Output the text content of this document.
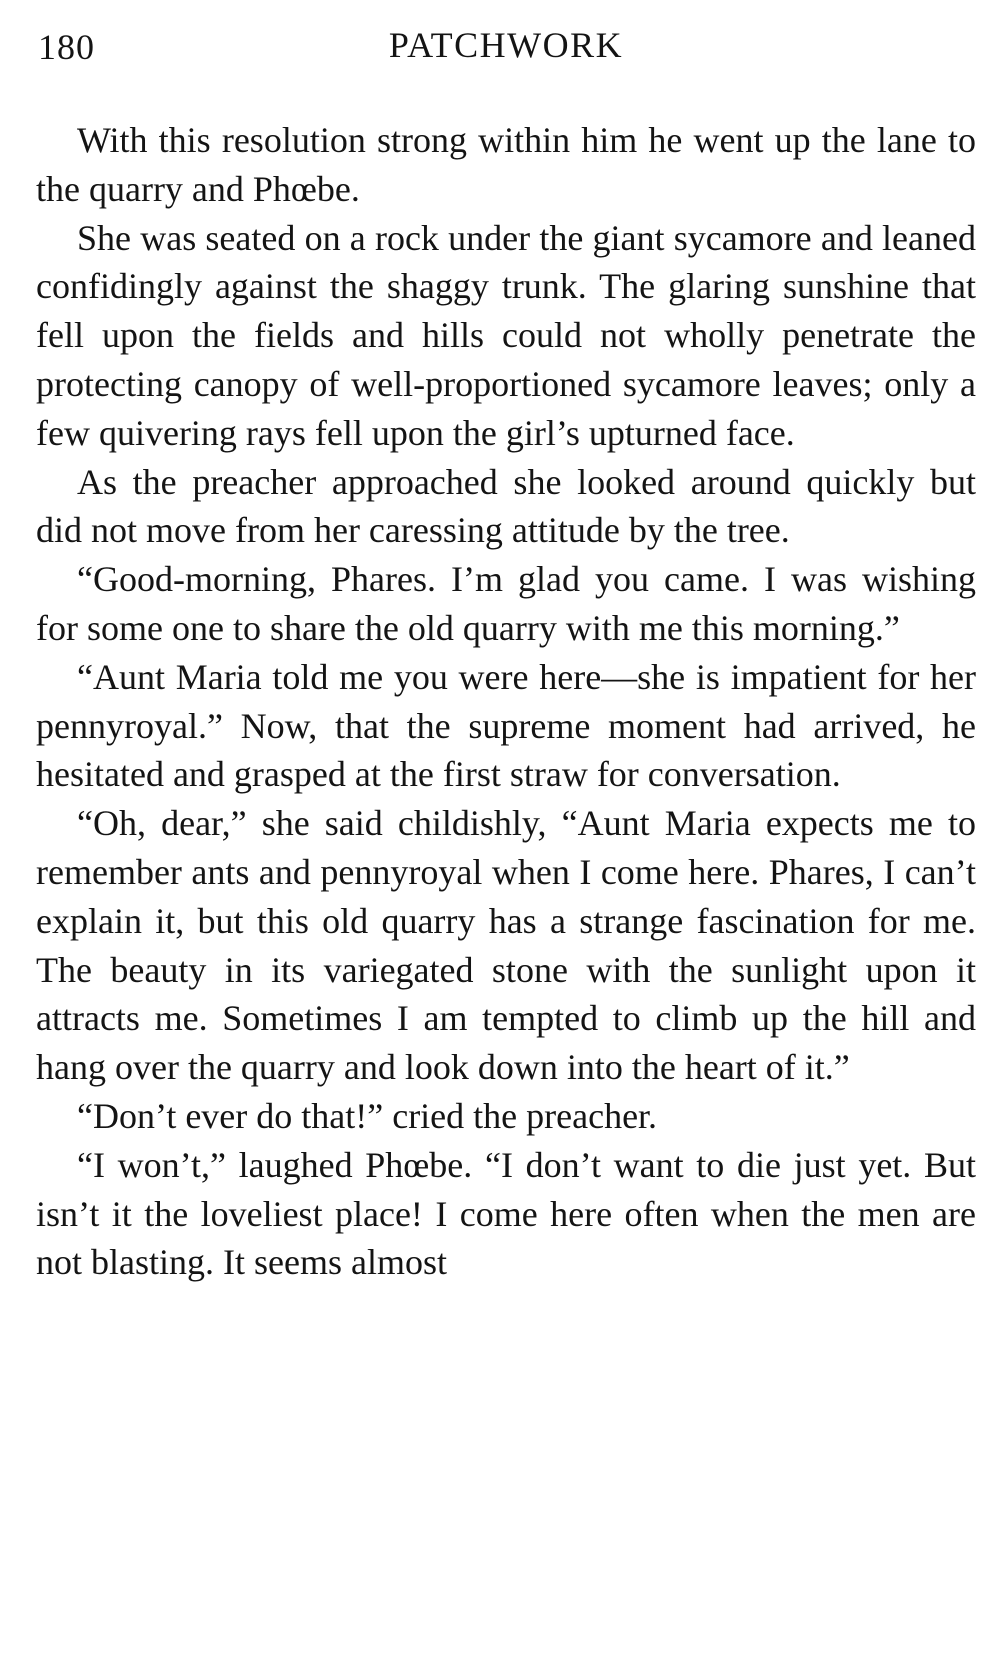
180	PATCHWORK

With this resolution strong within him he went up the lane to the quarry and Phœbe.

She was seated on a rock under the giant sycamore and leaned confidingly against the shaggy trunk. The glaring sunshine that fell upon the fields and hills could not wholly penetrate the protecting canopy of well-proportioned sycamore leaves; only a few quivering rays fell upon the girl’s upturned face.

As the preacher approached she looked around quickly but did not move from her caressing attitude by the tree.

“Good-morning, Phares. I’m glad you came. I was wishing for some one to share the old quarry with me this morning.”

“Aunt Maria told me you were here—she is impatient for her pennyroyal.” Now, that the supreme moment had arrived, he hesitated and grasped at the first straw for conversation.

“Oh, dear,” she said childishly, “Aunt Maria expects me to remember ants and pennyroyal when I come here. Phares, I can’t explain it, but this old quarry has a strange fascination for me. The beauty in its variegated stone with the sunlight upon it attracts me. Sometimes I am tempted to climb up the hill and hang over the quarry and look down into the heart of it.”

“Don’t ever do that!” cried the preacher.

“I won’t,” laughed Phœbe. “I don’t want to die just yet. But isn’t it the loveliest place! I come here often when the men are not blasting. It seems almost
